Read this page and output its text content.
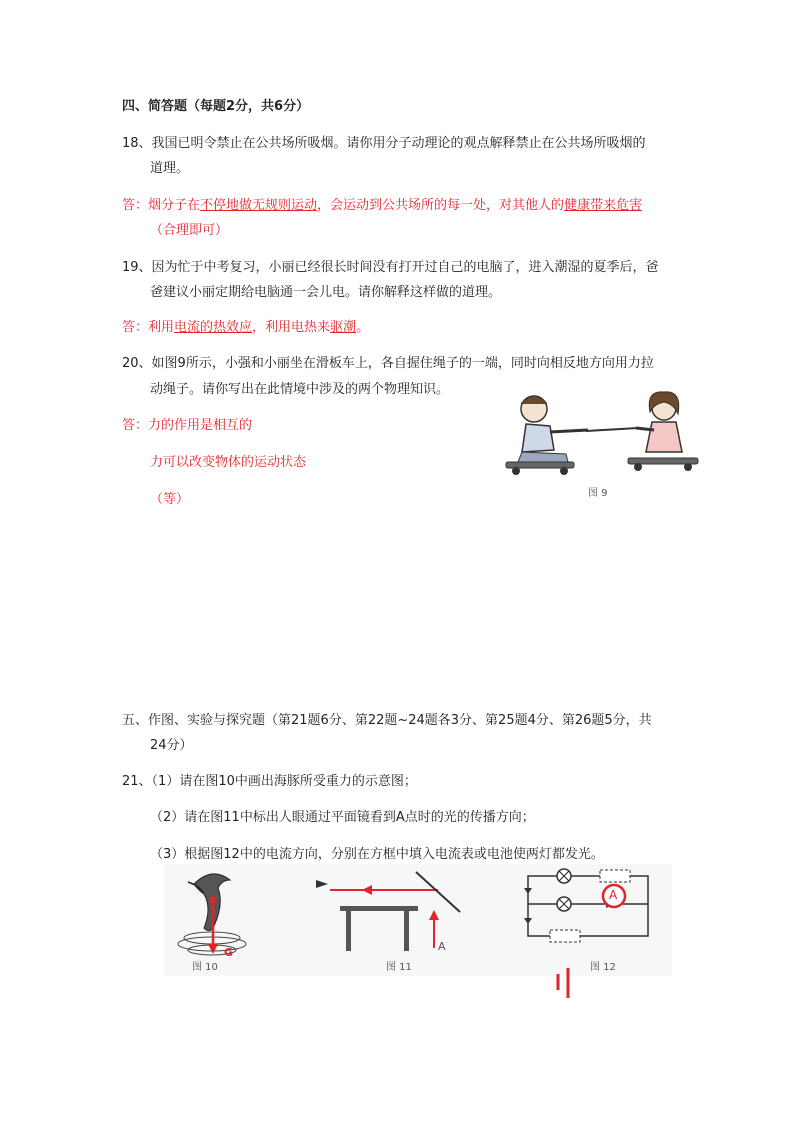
四、简答题（每题2分，共6分）
18、我国已明令禁止在公共场所吸烟。请你用分子动理论的观点解释禁止在公共场所吸烟的
道理。
答：烟分子在不停地做无规则运动，会运动到公共场所的每一处，对其他人的健康带来危害
（合理即可）
19、因为忙于中考复习，小丽已经很长时间没有打开过自己的电脑了，进入潮湿的夏季后，爸
爸建议小丽定期给电脑通一会儿电。请你解释这样做的道理。
答：利用电流的热效应，利用电热来驱潮。
20、如图9所示，小强和小丽坐在滑板车上，各自握住绳子的一端，同时向相反地方向用力拉
动绳子。请你写出在此情境中涉及的两个物理知识。
答：力的作用是相互的
力可以改变物体的运动状态
（等）	图 9
五、作图、实验与探究题（第21题6分、第22题~24题各3分、第25题4分、第26题5分，共
24分）
21、（1）请在图10中画出海豚所受重力的示意图；
（2）请在图11中标出人眼通过平面镜看到A点时的光的传播方向；
（3）根据图12中的电流方向，分别在方框中填入电流表或电池使两灯都发光。
G
图 10
A
图 11
A
图 12
